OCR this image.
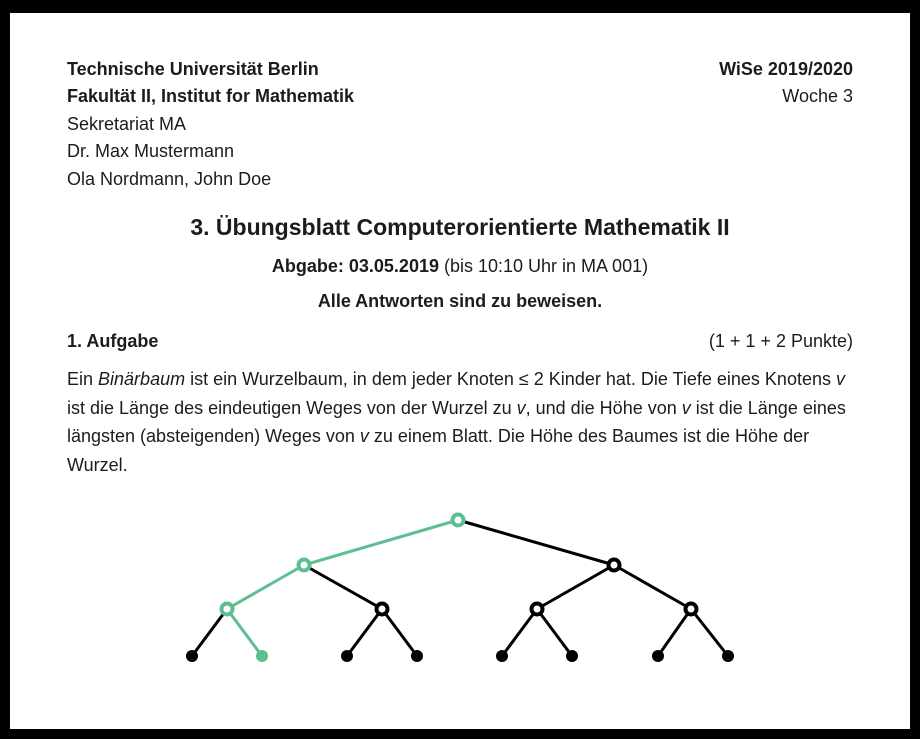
Technische Universität Berlin
Fakultät II, Institut for Mathematik
Sekretariat MA
Dr. Max Mustermann
Ola Nordmann, John Doe
WiSe 2019/2020
Woche 3
3. Übungsblatt Computerorientierte Mathematik II
Abgabe: 03.05.2019 (bis 10:10 Uhr in MA 001)
Alle Antworten sind zu beweisen.
1. Aufgabe	(1 + 1 + 2 Punkte)

Ein Binärbaum ist ein Wurzelbaum, in dem jeder Knoten ≤ 2 Kinder hat. Die Tiefe eines Knotens v ist die Länge des eindeutigen Weges von der Wurzel zu v, und die Höhe von v ist die Länge eines längsten (absteigenden) Weges von v zu einem Blatt. Die Höhe des Baumes ist die Höhe der Wurzel.
